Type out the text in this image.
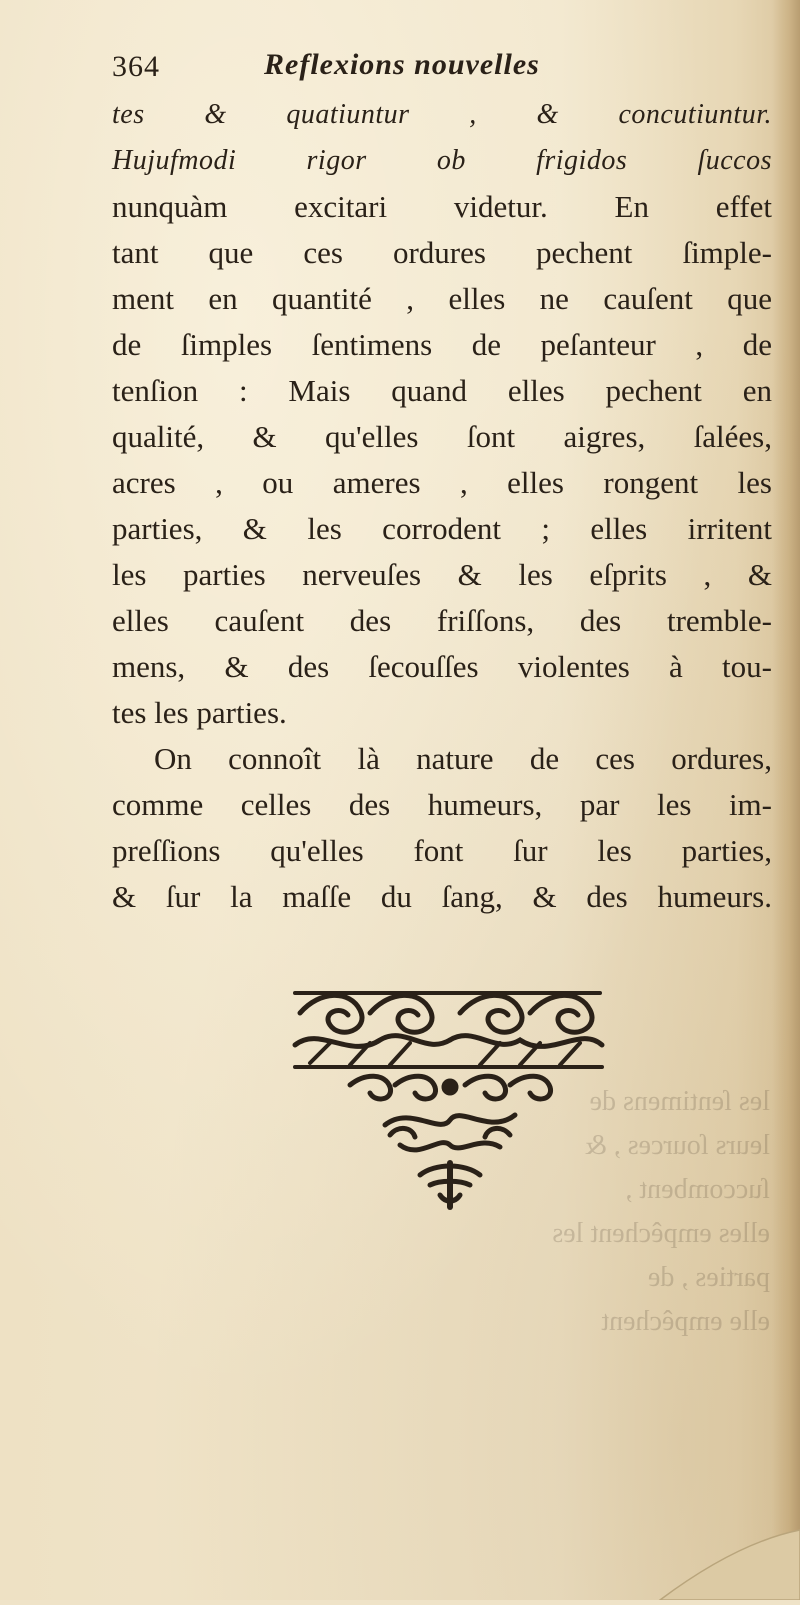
364	Reflexions nouvelles
tes & quatiuntur , & concutiuntur.
Hujufmodi rigor ob frigidos ſuccos
nunquàm excitari videtur. En effet
tant que ces ordures pechent ſimple-
ment en quantité , elles ne cauſent que
de ſimples ſentimens de peſanteur , de
tenſion : Mais quand elles pechent en
qualité, & qu'elles ſont aigres, ſalées,
acres , ou ameres , elles rongent les
parties, & les corrodent ; elles irritent
les parties nerveuſes & les eſprits , &
elles cauſent des friſſons, des tremble-
mens, & des ſecouſſes violentes à tou-
tes les parties.
On connoît là nature de ces ordures,
comme celles des humeurs, par les im-
preſſions qu'elles font ſur les parties,
& ſur la maſſe du ſang, & des humeurs.
les ſentimens de
leurs ſources , &
ſuccombent ,
elles empêchent les
parties , de
elle empêchent
